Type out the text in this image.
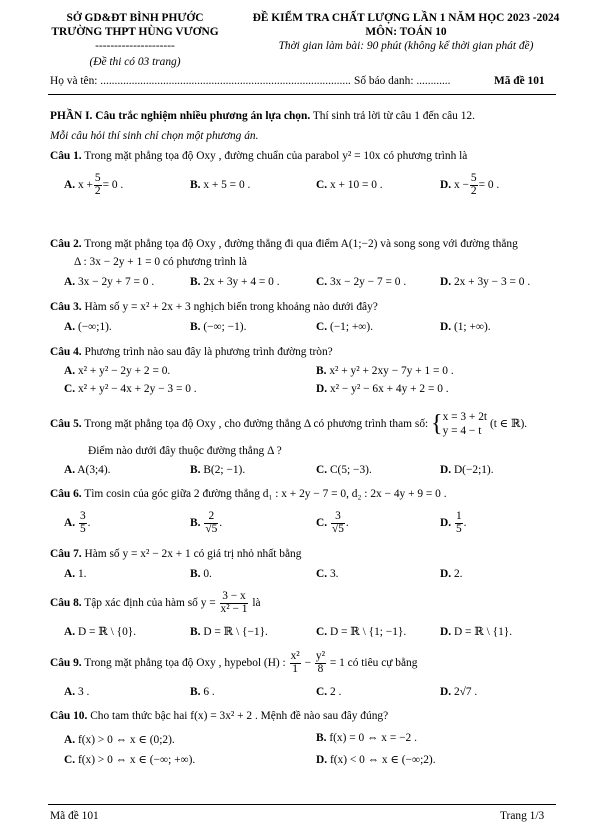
SỞ GD&ĐT BÌNH PHƯỚC
TRƯỜNG THPT HÙNG VƯƠNG
---------------------
(Đề thi có 03 trang)
ĐỀ KIỂM TRA CHẤT LƯỢNG LẦN 1 NĂM HỌC 2023 -2024
MÔN: TOÁN 10
Thời gian làm bài: 90 phút (không kể thời gian phát đề)
Họ và tên: ........................................................................................ Số báo danh: ............	Mã đề 101
PHẦN I. Câu trắc nghiệm nhiều phương án lựa chọn. Thí sinh trả lời từ câu 1 đến câu 12.
Mỗi câu hỏi thí sinh chỉ chọn một phương án.
Câu 1. Trong mặt phẳng tọa độ Oxy , đường chuẩn của parabol y² = 10x có phương trình là
A. $x + \frac{5}{2} = 0$ .	B. x + 5 = 0 .	C. x + 10 = 0 .	D. $x - \frac{5}{2} = 0$ .
Câu 2. Trong mặt phẳng tọa độ Oxy , đường thẳng đi qua điểm A(1;−2) và song song với đường thẳng
Δ : 3x − 2y + 1 = 0 có phương trình là
A. 3x − 2y + 7 = 0 .	B. 2x + 3y + 4 = 0 .	C. 3x − 2y − 7 = 0 .	D. 2x + 3y − 3 = 0 .
Câu 3. Hàm số y = x² + 2x + 3 nghịch biến trong khoảng nào dưới đây?
A. (−∞;1).	B. (−∞; −1).	C. (−1; +∞).	D. (1; +∞).
Câu 4. Phương trình nào sau đây là phương trình đường tròn?
A. x² + y² − 2y + 2 = 0.	B. x² + y² + 2xy − 7y + 1 = 0 .
C. x² + y² − 4x + 2y − 3 = 0 .	D. x² − y² − 6x + 4y + 2 = 0 .
Câu 5. Trong mặt phẳng tọa độ Oxy , cho đường thẳng Δ có phương trình tham số: { x = 3 + 2t
y = 4 − t
(t ∈ ℝ).
Điểm nào dưới đây thuộc đường thẳng Δ ?
A. A(3;4).	B. B(2; −1).	C. C(5; −3).	D. D(−2;1).
Câu 6. Tìm cosin của góc giữa 2 đường thẳng d₁ : x + 2y − 7 = 0, d₂ : 2x − 4y + 9 = 0 .
A. $\frac{3}{5}$ .	B. $\frac{2}{√5}$ .	C. $\frac{3}{√5}$ .	D. $\frac{1}{5}$ .
Câu 7. Hàm số y = x² − 2x + 1 có giá trị nhỏ nhất bằng
A. 1.	B. 0.	C. 3.	D. 2.
Câu 8. Tập xác định của hàm số $y = \frac{3 - x}{\text{x² − 1}}$ là
A. D = ℝ \ {0}.	B. D = ℝ \ {−1}.	C. D = ℝ \ {1; −1}.	D. D = ℝ \ {1}.
Câu 9. Trong mặt phẳng tọa độ Oxy , hypebol (H) : $\frac{\text{x²}}{1} - \frac{\text{y²}}{8} = 1$ có tiêu cự bằng
A. 3 .	B. 6 .	C. 2 .	D. 2√7 .
Câu 10. Cho tam thức bậc hai f(x) = 3x² + 2 . Mệnh đề nào sau đây đúng?
A. f(x) > 0 ⇔ x ∈ (0;2).	B. f(x) = 0 ⇔ x = −2 .
C. f(x) > 0 ⇔ x ∈ (−∞; +∞).	D. f(x) < 0 ⇔ x ∈ (−∞;2).
Mã đề 101	Trang 1/3
